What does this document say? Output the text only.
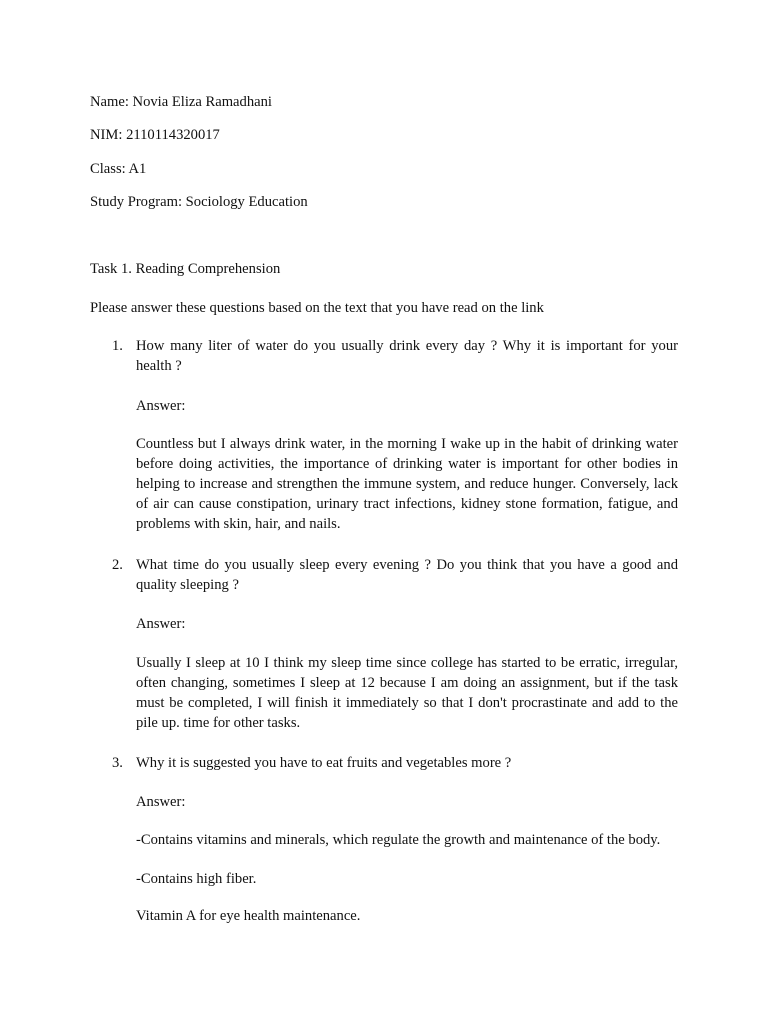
Name: Novia Eliza Ramadhani
NIM: 2110114320017
Class: A1
Study Program: Sociology Education
Task 1. Reading Comprehension
Please answer these questions based on the text that you have read on the link
1. How many liter of water do you usually drink every day ? Why it is important for your health ?
Answer:
Countless but I always drink water, in the morning I wake up in the habit of drinking water before doing activities, the importance of drinking water is important for other bodies in helping to increase and strengthen the immune system, and reduce hunger. Conversely, lack of air can cause constipation, urinary tract infections, kidney stone formation, fatigue, and problems with skin, hair, and nails.
2. What time do you usually sleep every evening ? Do you think that you have a good and quality sleeping ?
Answer:
Usually I sleep at 10 I think my sleep time since college has started to be erratic, irregular, often changing, sometimes I sleep at 12 because I am doing an assignment, but if the task must be completed, I will finish it immediately so that I don't procrastinate and add to the pile up. time for other tasks.
3. Why it is suggested you have to eat fruits and vegetables more ?
Answer:
-Contains vitamins and minerals, which regulate the growth and maintenance of the body.
-Contains high fiber.
Vitamin A for eye health maintenance.
